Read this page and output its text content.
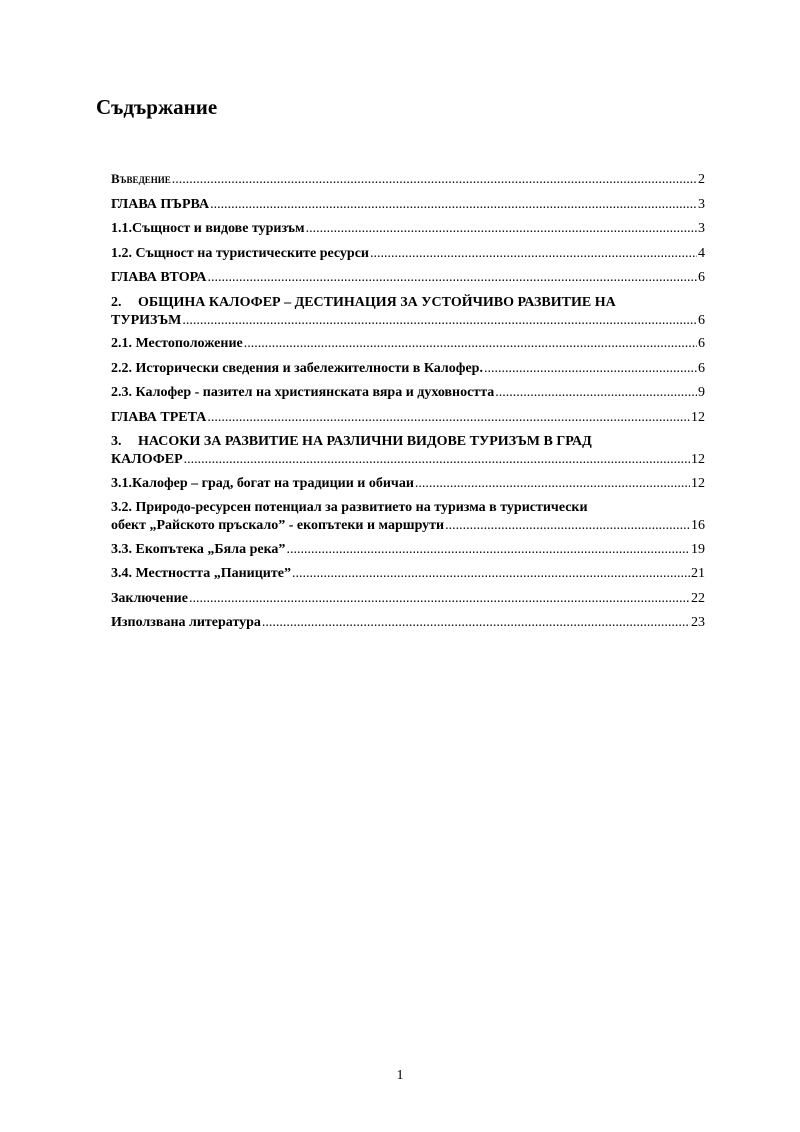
Съдържание
Въведение .....	2
ГЛАВА ПЪРВА .....	3
1.1. Същност и видове туризъм .....	3
1.2. Същност на туристическите ресурси .....	4
ГЛАВА ВТОРА .....	6
2. ОБЩИНА КАЛОФЕР – ДЕСТИНАЦИЯ ЗА УСТОЙЧИВО РАЗВИТИЕ НА
ТУРИЗЪМ .....	6
2.1. Местоположение .....	6
2.2. Исторически сведения и забележителности в Калофер. .....	6
2.3. Калофер - пазител на християнската вяра и духовността .....	9
ГЛАВА ТРЕТА .....	12
3. НАСОКИ ЗА РАЗВИТИЕ НА РАЗЛИЧНИ ВИДОВЕ ТУРИЗЪМ В ГРАД
КАЛОФЕР .....	12
3.1. Калофер – град, богат на традиции и обичаи .....	12
3.2. Природо-ресурсен потенциал за развитието на туризма в туристически
обект „Райското пръскало” - екопътеки и маршрути .....	16
3.3. Екопътека „Бяла река” .....	19
3.4. Местността „Паниците” .....	21
Заключение .....	22
Използвана литература .....	23
1
